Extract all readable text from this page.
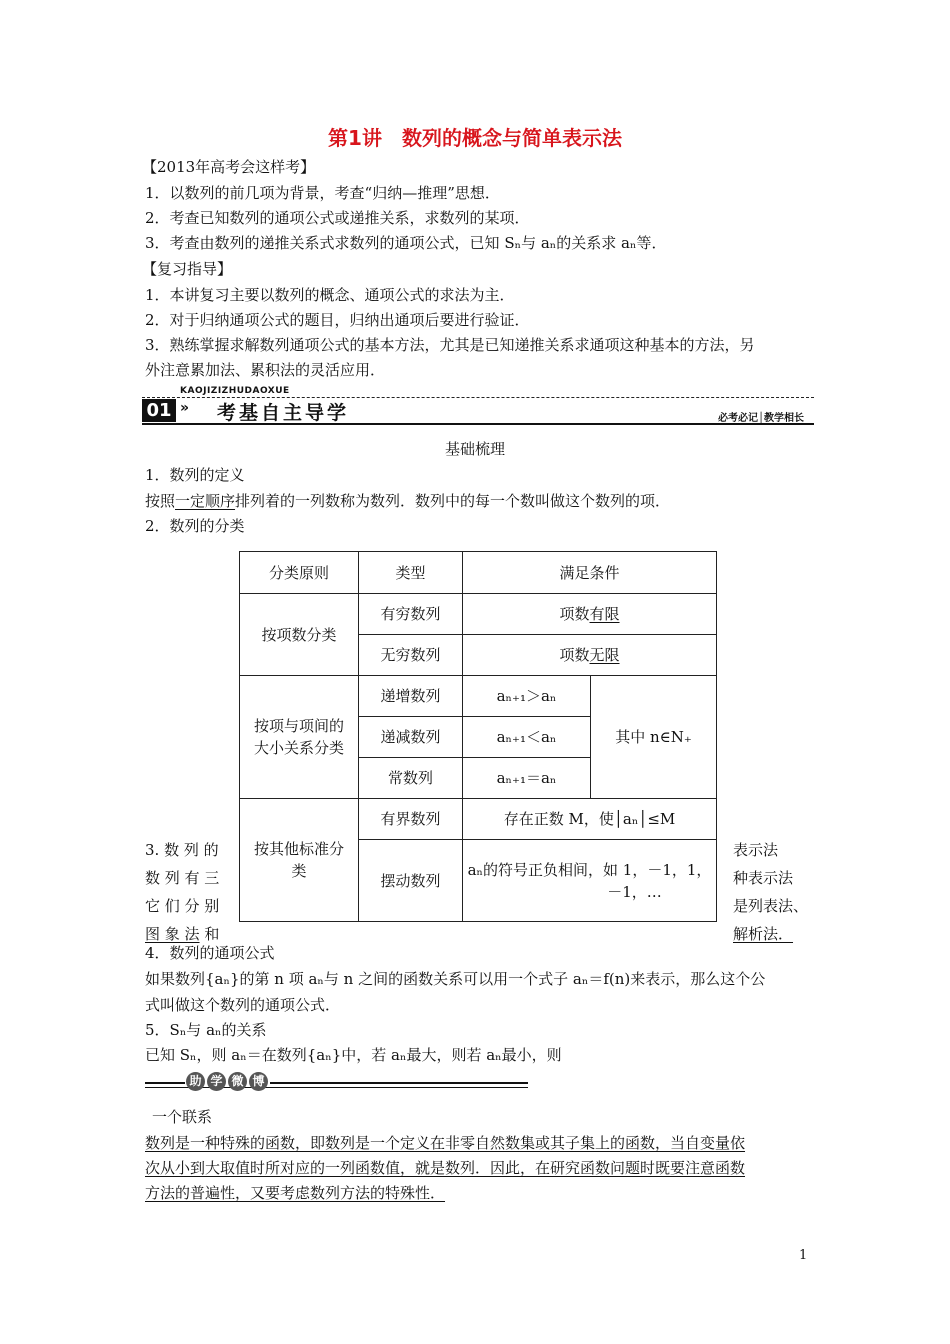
第1讲　数列的概念与简单表示法
【2013年高考会这样考】
1．以数列的前几项为背景，考查“归纳—推理”思想．
2．考查已知数列的通项公式或递推关系，求数列的某项．
3．考查由数列的递推关系式求数列的通项公式，已知 Sₙ与 aₙ的关系求 aₙ等．
【复习指导】
1．本讲复习主要以数列的概念、通项公式的求法为主．
2．对于归纳通项公式的题目，归纳出通项后要进行验证．
3．熟练掌握求解数列通项公式的基本方法，尤其是已知递推关系求通项这种基本的方法，另
外注意累加法、累积法的灵活应用．
KAOJIZIZHUDAOXUE
01 » 考基自主导学	必考必记│教学相长
基础梳理
1．数列的定义
按照一定顺序排列着的一列数称为数列．数列中的每一个数叫做这个数列的项．
2．数列的分类
3. 数 列 的
数 列 有 三
它 们 分 别
图 象 法 和
表示法
种表示法
是列表法、
解析法．
分类原则	类型	满足条件	
按项数分类	有穷数列	项数有限	
	无穷数列	项数无限	

按项与项间的
大小关系分类	递增数列	aₙ₊₁＞aₙ	其中 n∈N₊
	递减数列	aₙ₊₁＜aₙ	
	常数列	aₙ₊₁＝aₙ	

按其他标准分
类	有界数列	存在正数 M，使│aₙ│≤M	
	摆动数列	aₙ的符号正负相间，如 1，－1，1，
－1，…	
4．数列的通项公式
如果数列{aₙ}的第 n 项 aₙ与 n 之间的函数关系可以用一个式子 aₙ＝f(n)来表示，那么这个公
式叫做这个数列的通项公式．
5．Sₙ与 aₙ的关系
已知 Sₙ，则 aₙ＝在数列{aₙ}中，若 aₙ最大，则若 aₙ最小，则
助 学 微 博
一个联系
数列是一种特殊的函数，即数列是一个定义在非零自然数集或其子集上的函数，当自变量依
次从小到大取值时所对应的一列函数值，就是数列．因此，在研究函数问题时既要注意函数
方法的普遍性，又要考虑数列方法的特殊性．
1
